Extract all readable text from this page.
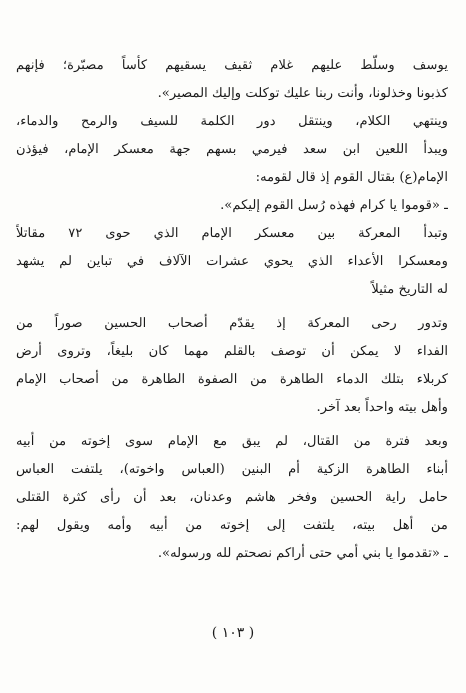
يوسف وسلّط عليهم غلام ثقيف يسقيهم كأساً مصبّرة؛ فإنهم
كذبونا وخذلونا، وأنت ربنا عليك توكلت وإليك المصير».
وينتهي الكلام، وينتقل دور الكلمة للسيف والرمح والدماء،
ويبدأ اللعين ابن سعد فيرمي بسهم جهة معسكر الإمام، فيؤذن
الإمام(ع) بقتال القوم إذ قال لقومه:
ـ «قوموا يا كرام فهذه رُسل القوم إليكم».
وتبدأ المعركة بين معسكر الإمام الذي حوى ٧٢ مقاتلاً
ومعسكرا الأعداء الذي يحوي عشرات الآلاف في تباين لم يشهد
له التاريخ مثيلاً
وتدور رحى المعركة إذ يقدّم أصحاب الحسين صوراً من
الفداء لا يمكن أن توصف بالقلم مهما كان بليغاً، وتروى أرض
كربلاء بتلك الدماء الطاهرة من الصفوة الطاهرة من أصحاب الإمام
وأهل بيته واحداً بعد آخر.
وبعد فترة من القتال، لم يبق مع الإمام سوى إخوته من أبيه
أبناء الطاهرة الزكية أم البنين (العباس واخوته)، يلتفت العباس
حامل راية الحسين وفخر هاشم وعدنان، بعد أن رأى كثرة القتلى
من أهل بيته، يلتفت إلى إخوته من أبيه وأمه ويقول لهم:
ـ «تقدموا يا بني أمي حتى أراكم نصحتم لله ورسوله».
( ١٠٣ )
